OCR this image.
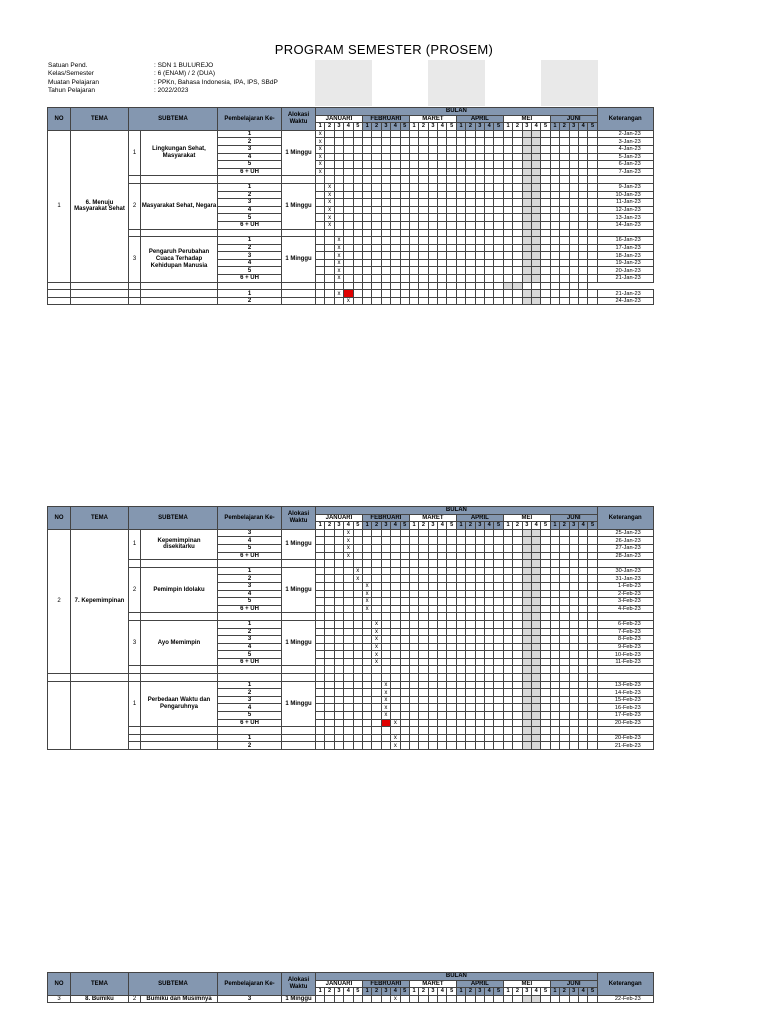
PROGRAM SEMESTER (PROSEM)
Satuan Pend.	: SDN 1 BULUREJO
Kelas/Semester	: 6 (ENAM) / 2 (DUA)
Muatan Pelajaran	: PPKn, Bahasa Indonesia, IPA, IPS, SBdP
Tahun Pelajaran	: 2022/2023
NO	TEMA	SUBTEMA		Pembelajaran Ke-	Alokasi Waktu	BULAN																														Keterangan
						JANUARI					FEBRUARI					MARET					APRIL					MEI					JUNI					
						1	2	3	4	5	1	2	3	4	5	1	2	3	4	5	1	2	3	4	5	1	2	3	4	5	1	2	3	4	5	
1	6. Menuju Masyarakat Sehat	1	Lingkungan Sehat, Masyarakat	1	1 Minggu	x																														2-Jan-23
				2		x																														3-Jan-23
				3		x																														4-Jan-23
				4		x																														5-Jan-23
				5		x																														6-Jan-23
				6 + UH		x																														7-Jan-23

		2	Masyarakat Sehat, Negara	1	1 Minggu		x																													9-Jan-23
				2			x																													10-Jan-23
				3			x																													11-Jan-23
				4			x																													12-Jan-23
				5			x																													13-Jan-23
				6 + UH			x																													14-Jan-23

		3	Pengaruh Perubahan Cuaca Terhadap Kehidupan Manusia	1	1 Minggu			x																												16-Jan-23
				2				x																												17-Jan-23
				3				x																												18-Jan-23
				4				x																												19-Jan-23
				5				x																												20-Jan-23
				6 + UH				x																												21-Jan-23

				1				x																												21-Jan-23
				2					x																											24-Jan-23
NO	TEMA	SUBTEMA		Pembelajaran Ke-	Alokasi Waktu	BULAN																														Keterangan
						JANUARI					FEBRUARI					MARET					APRIL					MEI					JUNI					
						1	2	3	4	5	1	2	3	4	5	1	2	3	4	5	1	2	3	4	5	1	2	3	4	5	1	2	3	4	5	
2	7. Kepemimpinan	1	Kepemimpinan disekitarku	3	1 Minggu				x																											25-Jan-23
				4					x																											26-Jan-23
				5					x																											27-Jan-23
				6 + UH					x																											28-Jan-23

		2	Pemimpin Idolaku	1	1 Minggu					x																										30-Jan-23
				2						x																										31-Jan-23
				3							x																									1-Feb-23
				4							x																									2-Feb-23
				5							x																									3-Feb-23
				6 + UH							x																									4-Feb-23

		3	Ayo Memimpin	1	1 Minggu							x																								6-Feb-23
				2								x																								7-Feb-23
				3								x																								8-Feb-23
				4								x																								9-Feb-23
				5								x																								10-Feb-23
				6 + UH								x																								11-Feb-23

		1	Perbedaan Waktu dan Pengaruhnya	1	1 Minggu								x																							13-Feb-23
				2									x																							14-Feb-23
				3									x																							15-Feb-23
				4									x																							16-Feb-23
				5									x																							17-Feb-23
				6 + UH										x																						20-Feb-23

				1										x																						20-Feb-23
				2										x																						21-Feb-23
NO	TEMA	SUBTEMA		Pembelajaran Ke-	Alokasi Waktu	BULAN																														Keterangan
						JANUARI					FEBRUARI					MARET					APRIL					MEI					JUNI					
						1	2	3	4	5	1	2	3	4	5	1	2	3	4	5	1	2	3	4	5	1	2	3	4	5	1	2	3	4	5	
3	8. Bumiku	2	Bumiku dan Musimnya	3	1 Minggu									x																						22-Feb-23
